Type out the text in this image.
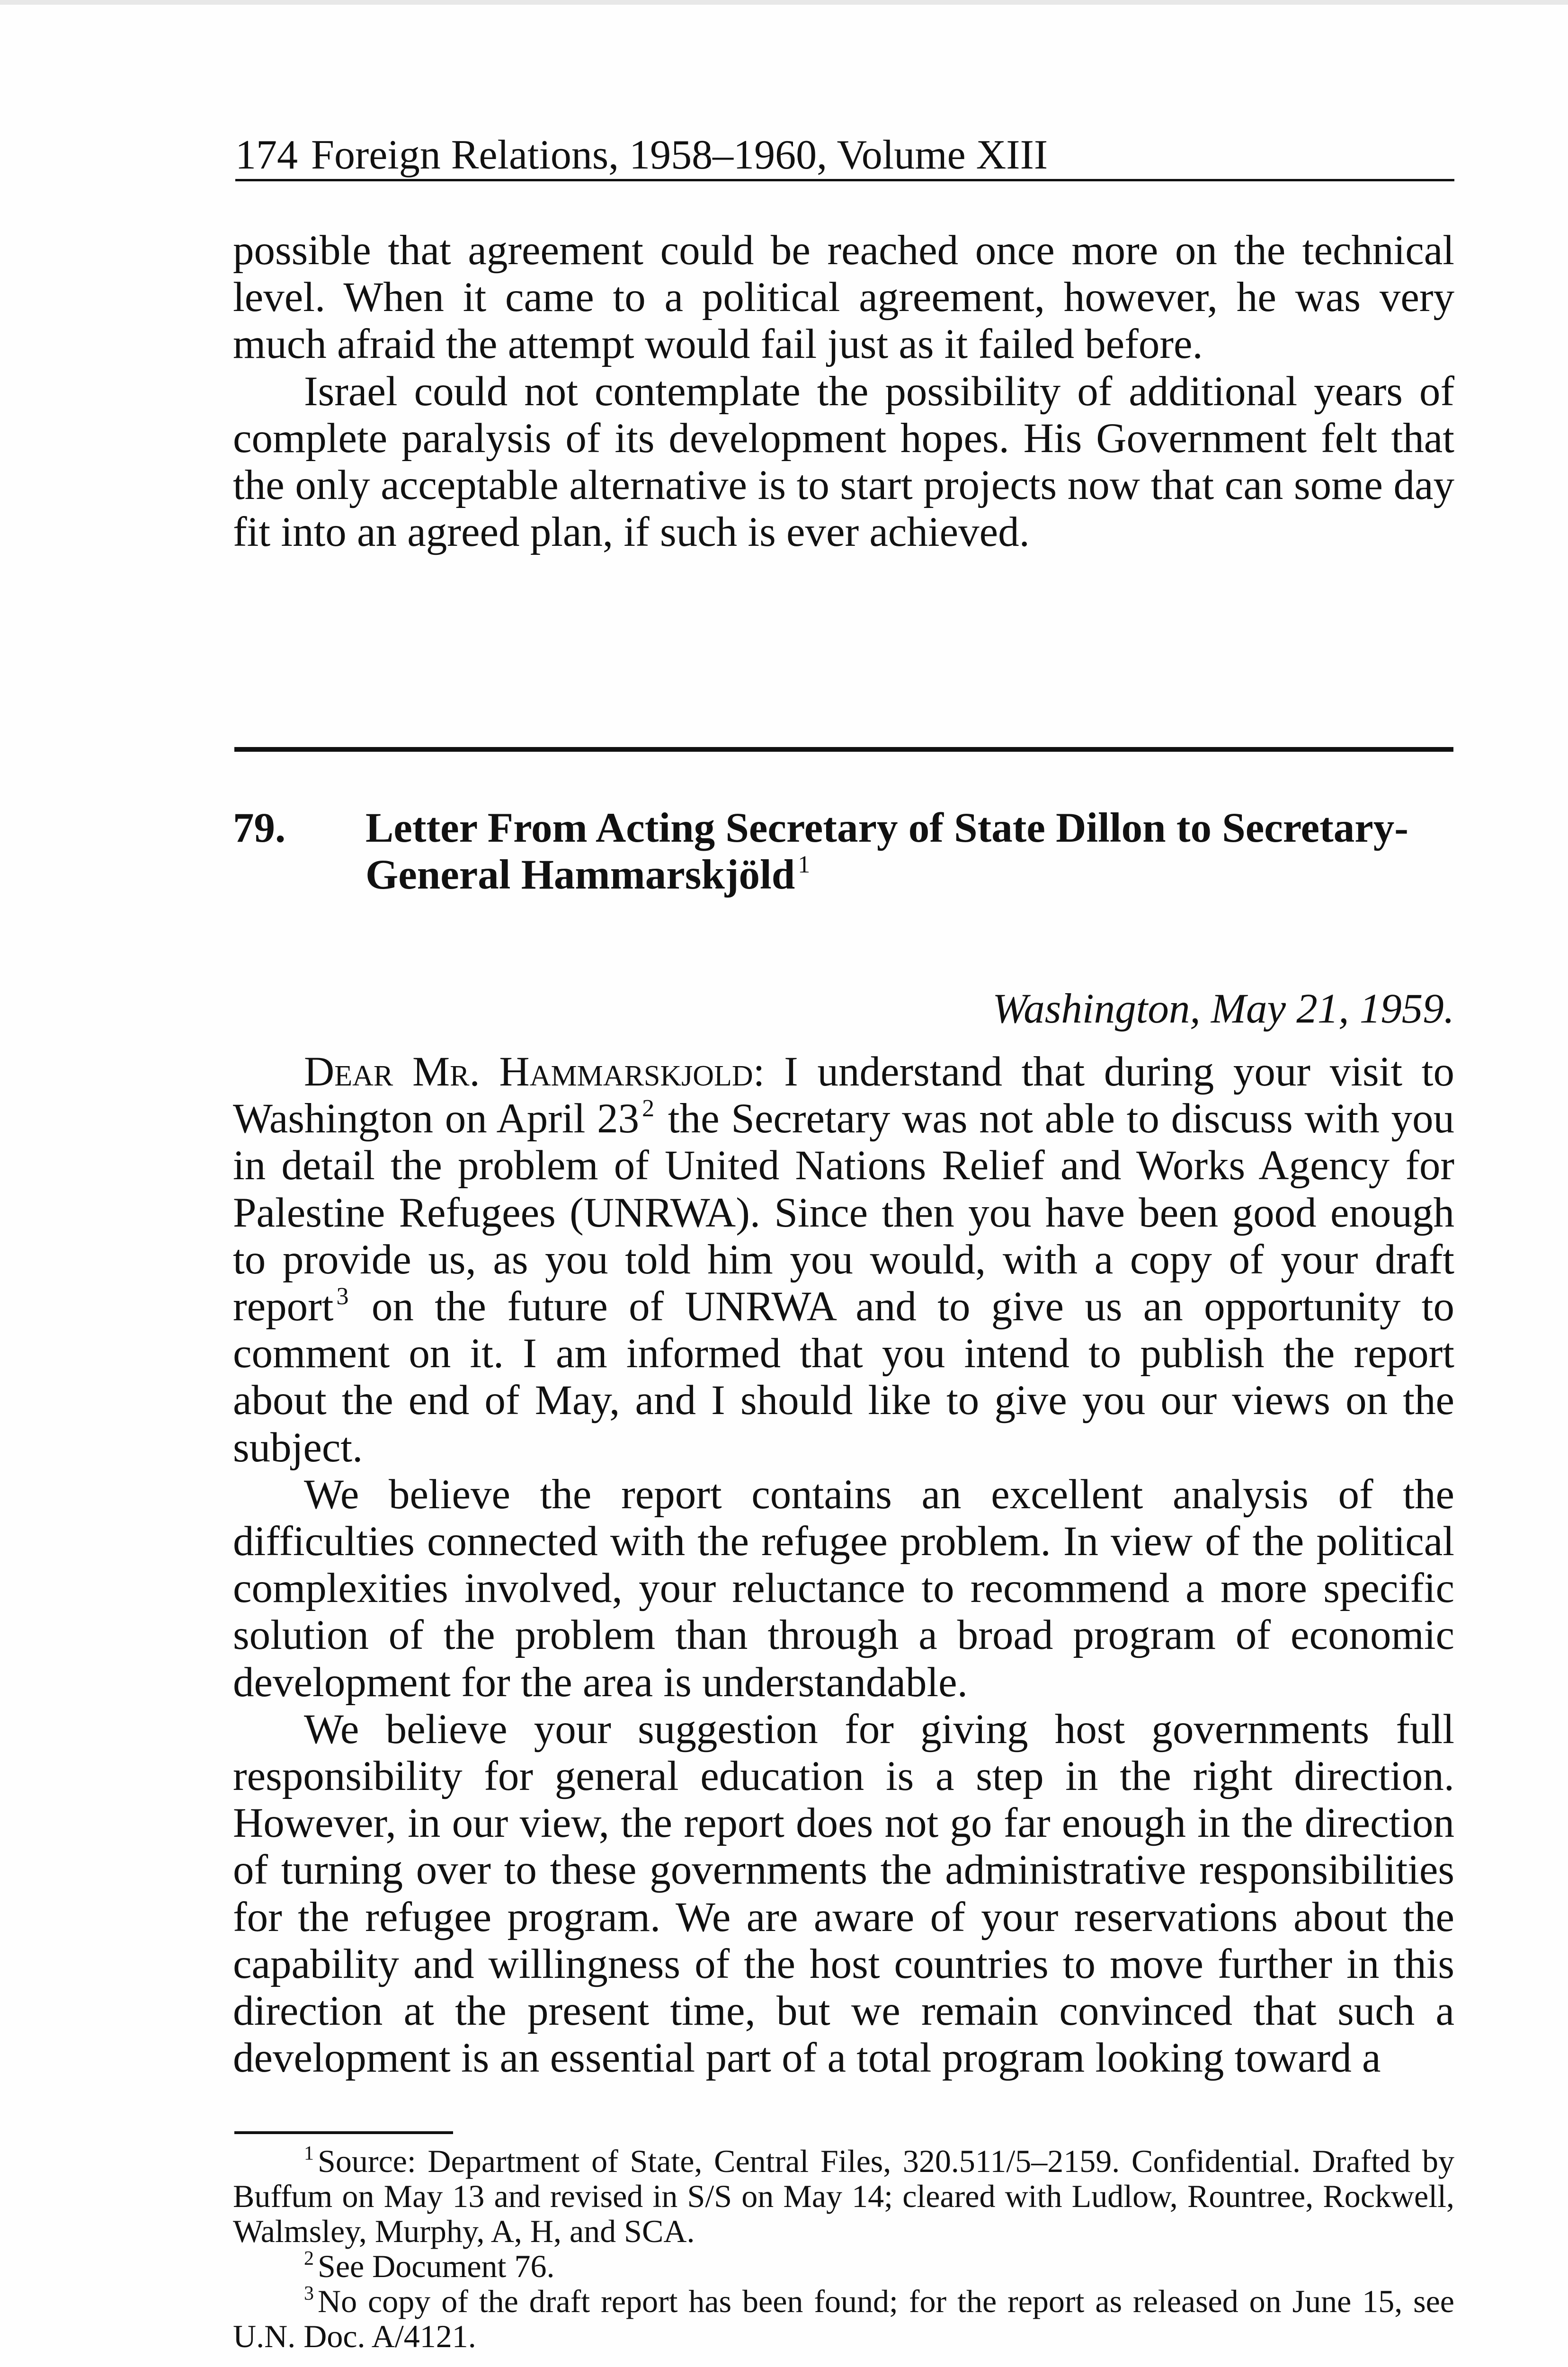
174 Foreign Relations, 1958–1960, Volume XIII

possible that agreement could be reached once more on the technical level. When it came to a political agreement, however, he was very much afraid the attempt would fail just as it failed before.

Israel could not contemplate the possibility of additional years of complete paralysis of its development hopes. His Government felt that the only acceptable alternative is to start projects now that can some day fit into an agreed plan, if such is ever achieved.

79. Letter From Acting Secretary of State Dillon to Secretary-General Hammarskjöld $^1$
Washington, May 21, 1959.

Dear Mr. Hammarskjold: I understand that during your visit to Washington on April 23 $^2$ the Secretary was not able to discuss with you in detail the problem of United Nations Relief and Works Agency for Palestine Refugees (UNRWA). Since then you have been good enough to provide us, as you told him you would, with a copy of your draft report $^3$ on the future of UNRWA and to give us an opportunity to comment on it. I am informed that you intend to publish the report about the end of May, and I should like to give you our views on the subject.

We believe the report contains an excellent analysis of the difficulties connected with the refugee problem. In view of the political complexities involved, your reluctance to recommend a more specific solution of the problem than through a broad program of economic development for the area is understandable.

We believe your suggestion for giving host governments full responsibility for general education is a step in the right direction. However, in our view, the report does not go far enough in the direction of turning over to these governments the administrative responsibilities for the refugee program. We are aware of your reservations about the capability and willingness of the host countries to move further in this direction at the present time, but we remain convinced that such a development is an essential part of a total program looking toward a

$^1$ Source: Department of State, Central Files, 320.511/5–2159. Confidential. Drafted by Buffum on May 13 and revised in S/S on May 14; cleared with Ludlow, Rountree, Rockwell, Walmsley, Murphy, A, H, and SCA.

$^2$ See Document 76.

$^3$ No copy of the draft report has been found; for the report as released on June 15, see U.N. Doc. A/4121.
